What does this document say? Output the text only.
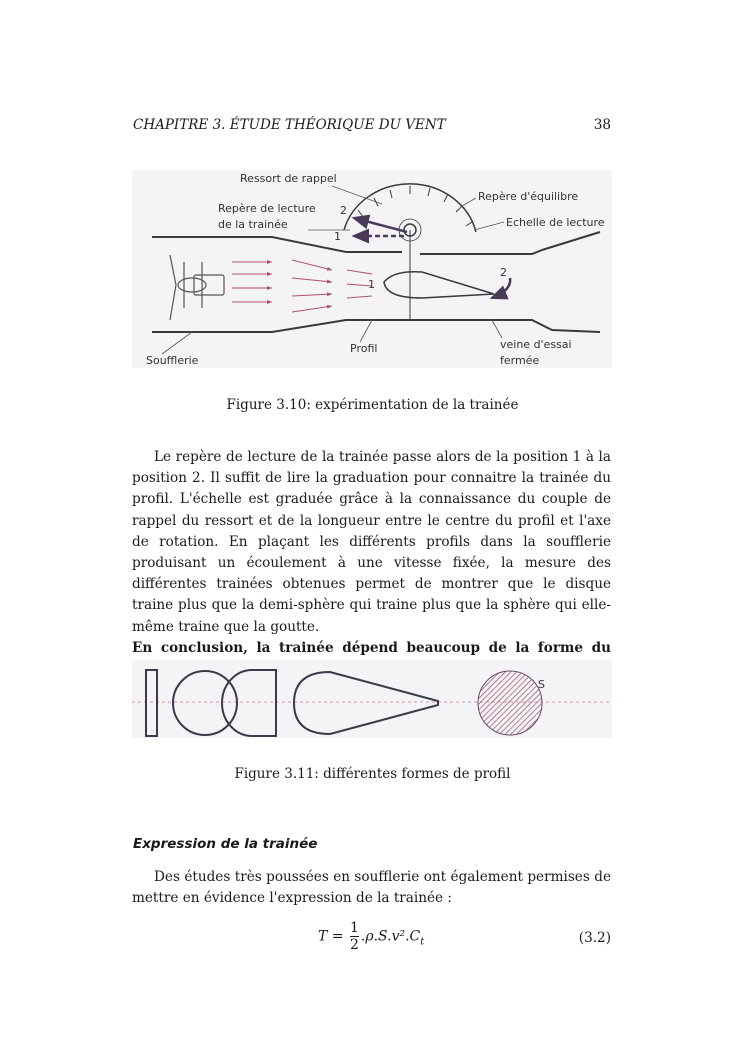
CHAPITRE 3. ÉTUDE THÉORIQUE DU VENT	38
Ressort de rappel
Repère d'équilibre
Repère de lecture
de la trainée	Echelle de lecture
2
1
1
2
Soufflerie
Profil	veine d'essai
fermée
Figure 3.10: expérimentation de la trainée

Le repère de lecture de la trainée passe alors de la position 1 à la position 2. Il suffit de lire la graduation pour connaitre la trainée du profil. L'échelle est graduée grâce à la connaissance du couple de rappel du ressort et de la longueur entre le centre du profil et l'axe de rotation. En plaçant les différents profils dans la soufflerie produisant un écoulement à une vitesse fixée, la mesure des différentes trainées obtenues permet de montrer que le disque traine plus que la demi-sphère qui traine plus que la sphère qui elle-même traine que la goutte.

En conclusion, la trainée dépend beaucoup de la forme du
S
Figure 3.11: différentes formes de profil
Expression de la trainée

Des études très poussées en soufflerie ont également permises de mettre en évidence l'expression de la trainée :

$T = \frac{1}{2} .\rho.S.v^2.C_t$	(3.2)
